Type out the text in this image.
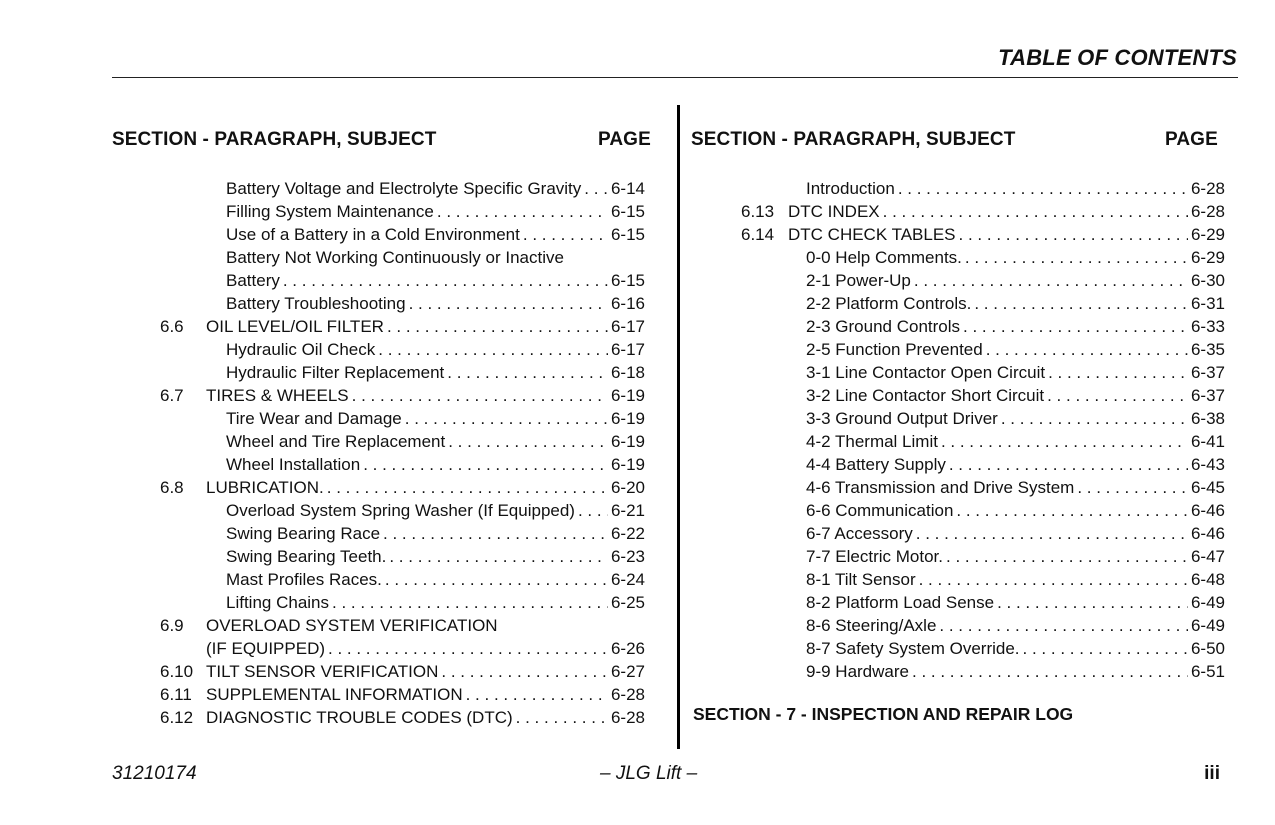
TABLE OF CONTENTS
SECTION - PARAGRAPH, SUBJECT	PAGE SECTION - PARAGRAPH, SUBJECT	PAGE
Battery Voltage and Electrolyte Specific Gravity . . . 6-14
Filling System Maintenance . . .	6-15
Use of a Battery in a Cold Environment . . .	6-15
Battery Not Working Continuously or Inactive
Battery . . .	6-15
Battery Troubleshooting . . .	6-16
6.6 OIL LEVEL/OIL FILTER . . .	6-17
Hydraulic Oil Check . . .	6-17
Hydraulic Filter Replacement . . .	6-18
6.7 TIRES & WHEELS . . .	6-19
Tire Wear and Damage . . .	6-19
Wheel and Tire Replacement . . .	6-19
Wheel Installation . . .	6-19
6.8 LUBRICATION. . . .	6-20
Overload System Spring Washer (If Equipped) . . . 6-21
Swing Bearing Race . . .	6-22
Swing Bearing Teeth. . . .	6-23
Mast Profiles Races. . . .	6-24
Lifting Chains . . .	6-25
6.9 OVERLOAD SYSTEM VERIFICATION
(IF EQUIPPED) . . .	6-26
6.10 TILT SENSOR VERIFICATION . . .	6-27
6.11 SUPPLEMENTAL INFORMATION . . .	6-28
6.12 DIAGNOSTIC TROUBLE CODES (DTC) . . .	6-28
Introduction . . .	6-28
6.13 DTC INDEX . . .	6-28
6.14 DTC CHECK TABLES . . .	6-29
0-0 Help Comments. . . .	6-29
2-1 Power-Up . . .	6-30
2-2 Platform Controls. . . .	6-31
2-3 Ground Controls . . .	6-33
2-5 Function Prevented . . .	6-35
3-1 Line Contactor Open Circuit . . .	6-37
3-2 Line Contactor Short Circuit . . .	6-37
3-3 Ground Output Driver . . .	6-38
4-2 Thermal Limit . . .	6-41
4-4 Battery Supply . . .	6-43
4-6 Transmission and Drive System . . .	6-45
6-6 Communication . . .	6-46
6-7 Accessory . . .	6-46
7-7 Electric Motor. . . .	6-47
8-1 Tilt Sensor . . .	6-48
8-2 Platform Load Sense . . .	6-49
8-6 Steering/Axle . . .	6-49
8-7 Safety System Override. . . .	6-50
9-9 Hardware . . .	6-51
SECTION - 7 - INSPECTION AND REPAIR LOG
31210174	– JLG Lift –	iii
